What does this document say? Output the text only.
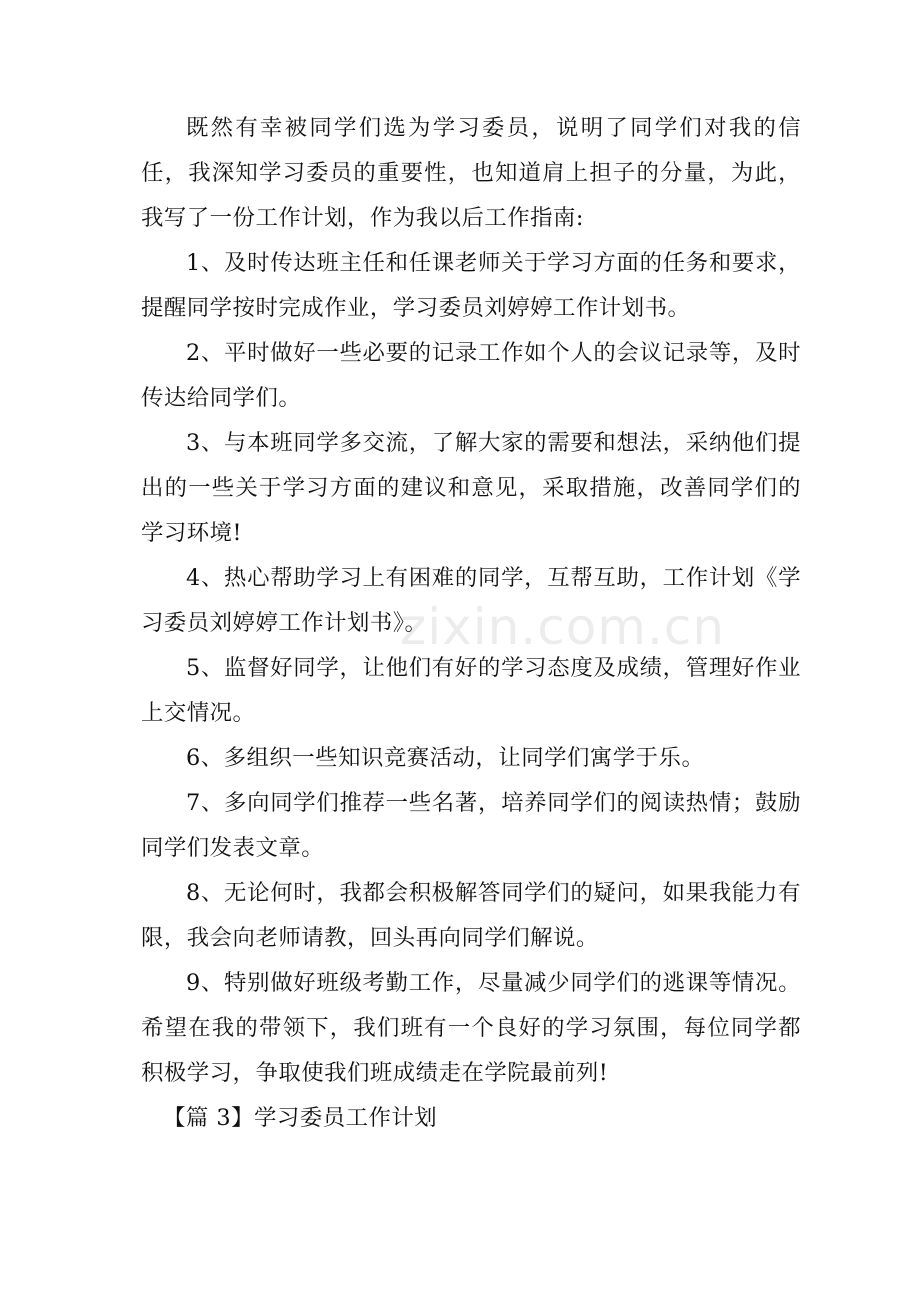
既然有幸被同学们选为学习委员，说明了同学们对我的信任，我深知学习委员的重要性，也知道肩上担子的分量，为此，我写了一份工作计划，作为我以后工作指南:

1、及时传达班主任和任课老师关于学习方面的任务和要求，提醒同学按时完成作业，学习委员刘婷婷工作计划书。

2、平时做好一些必要的记录工作如个人的会议记录等，及时传达给同学们。

3、与本班同学多交流，了解大家的需要和想法，采纳他们提出的一些关于学习方面的建议和意见，采取措施，改善同学们的学习环境!

4、热心帮助学习上有困难的同学，互帮互助，工作计划《学习委员刘婷婷工作计划书》。

5、监督好同学，让他们有好的学习态度及成绩，管理好作业上交情况。

6、多组织一些知识竞赛活动，让同学们寓学于乐。

7、多向同学们推荐一些名著，培养同学们的阅读热情；鼓励同学们发表文章。

8、无论何时，我都会积极解答同学们的疑问，如果我能力有限，我会向老师请教，回头再向同学们解说。

9、特别做好班级考勤工作，尽量减少同学们的逃课等情况。希望在我的带领下，我们班有一个良好的学习氛围，每位同学都积极学习，争取使我们班成绩走在学院最前列!

【篇 3】学习委员工作计划

zixin.com.cn
